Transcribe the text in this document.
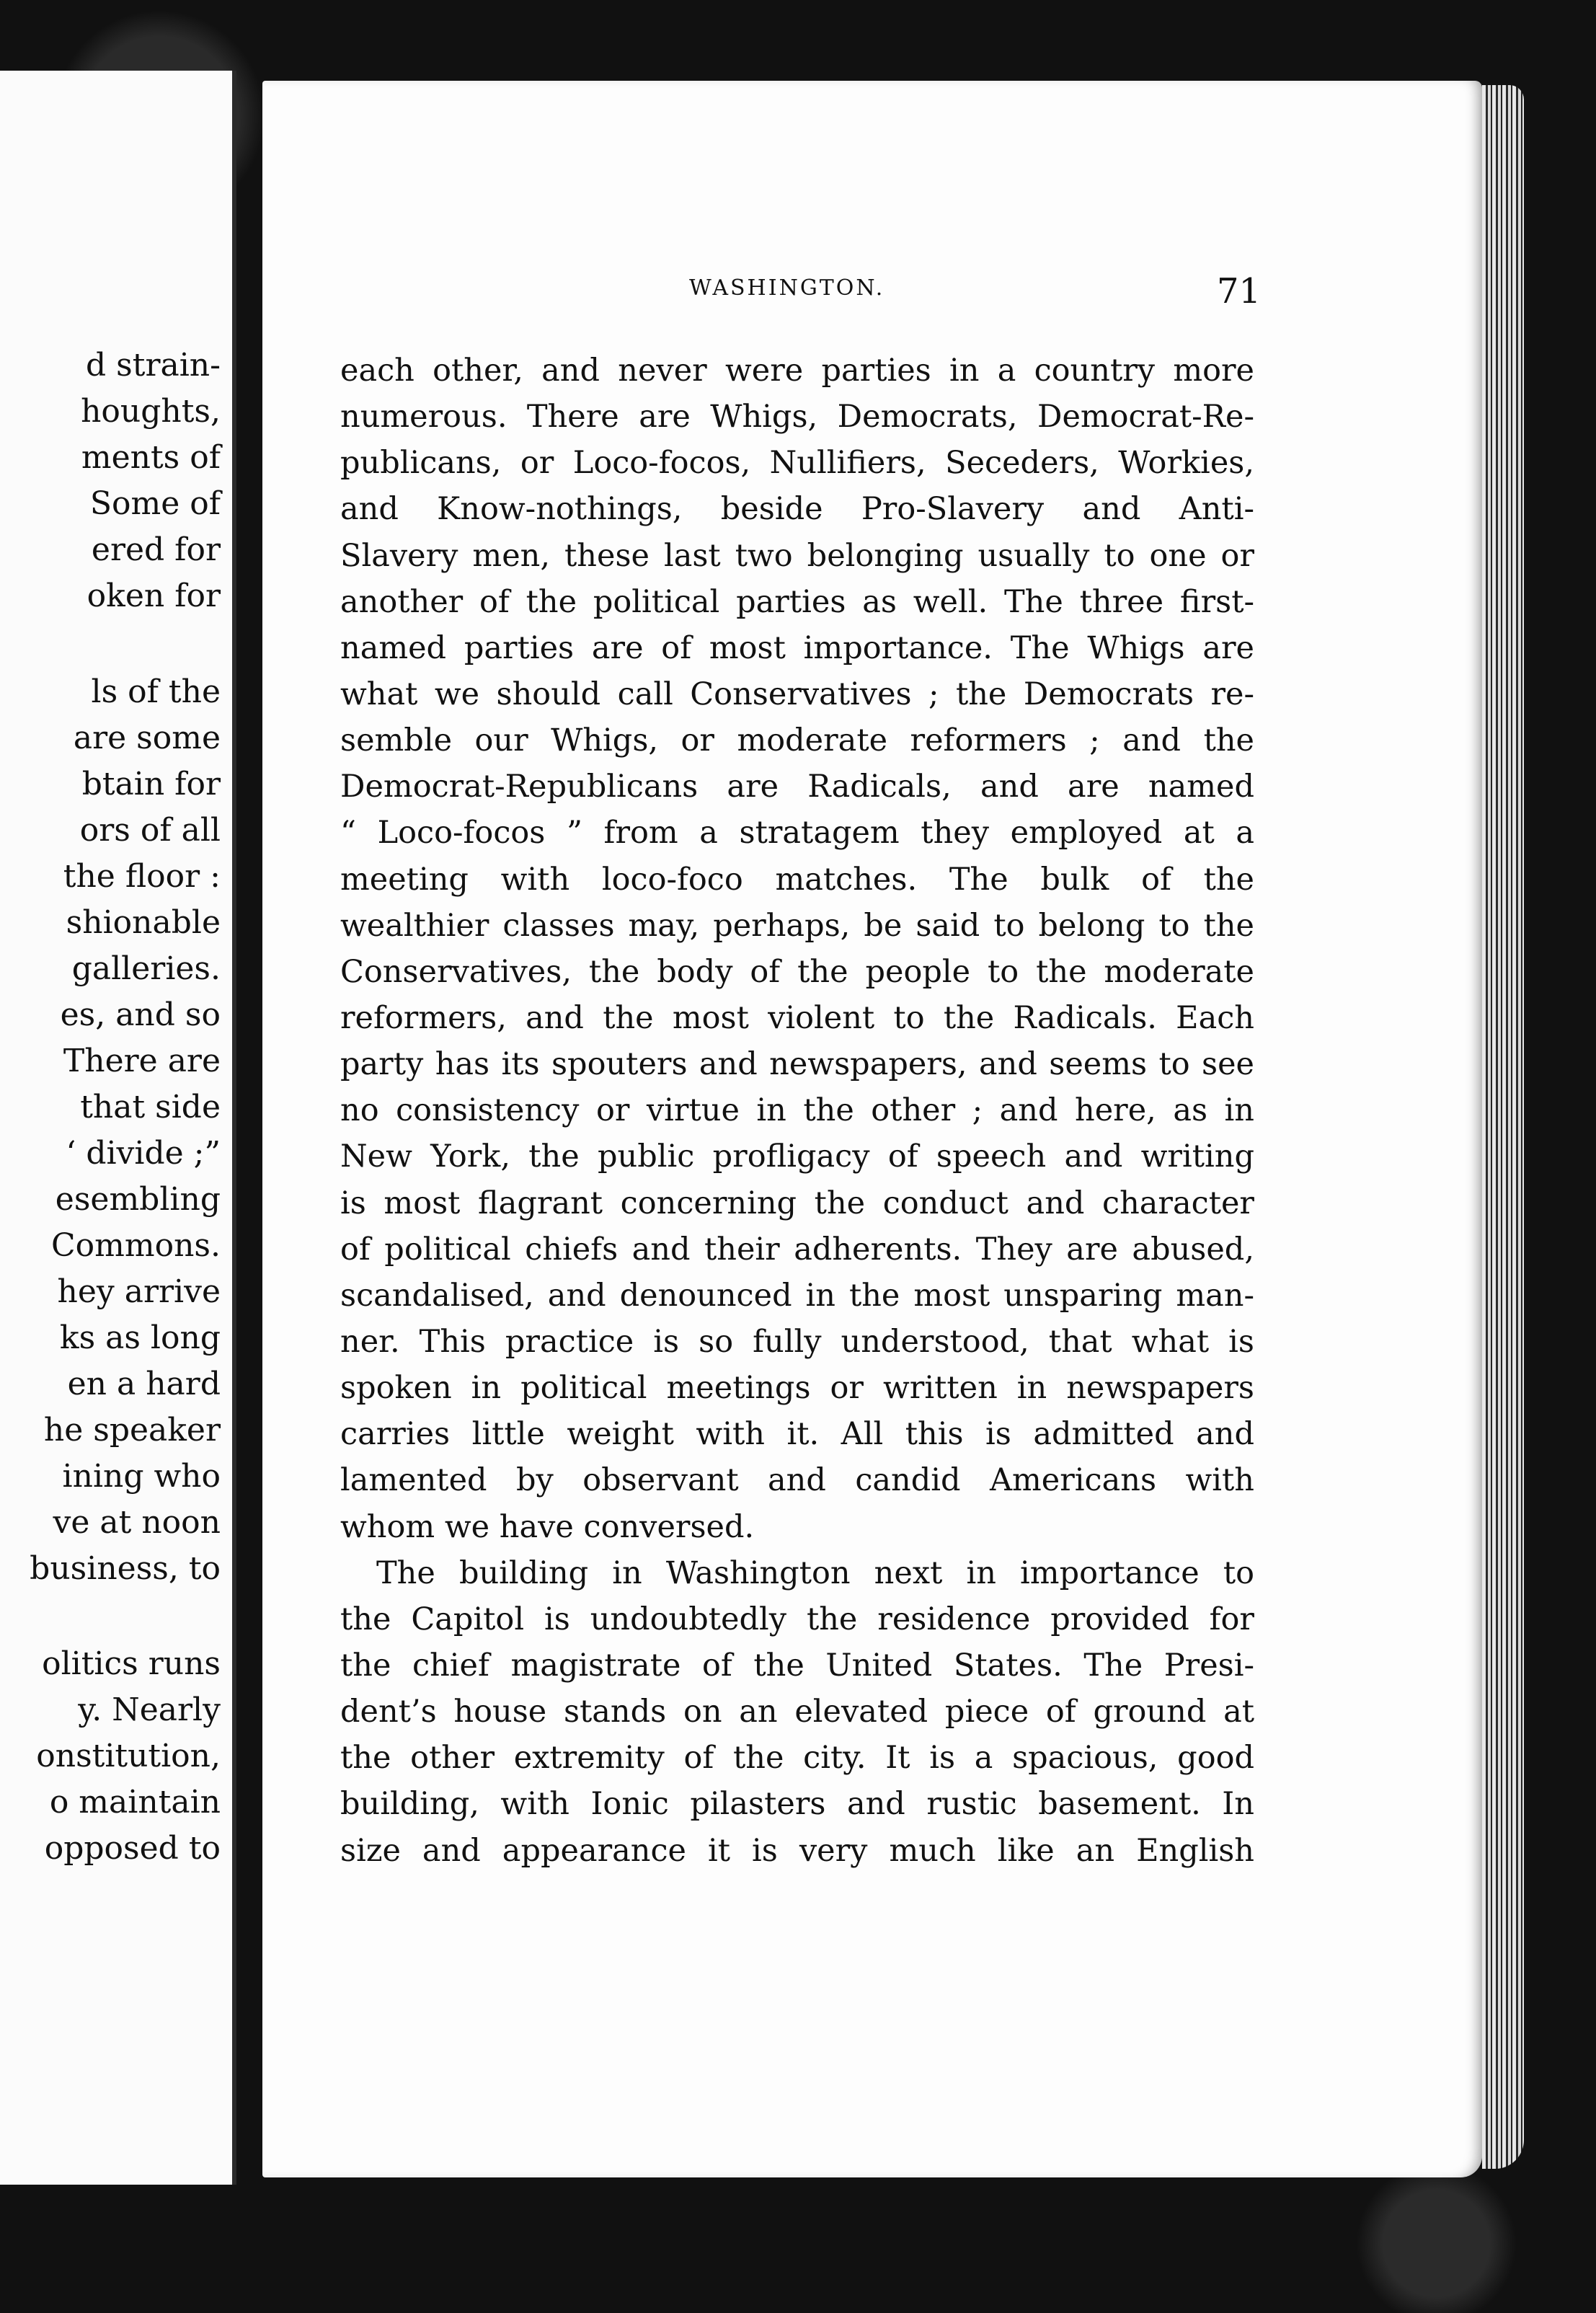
d strain-
houghts,
ments of
Some of
ered for
oken for
ls of the
are some
btain for
ors of all
the floor :
shionable
galleries.
es, and so
There are
that side
‘ divide ;”
esembling
Commons.
hey arrive
ks as long
en a hard
he speaker
ining who
ve at noon
business, to
olitics runs
y. Nearly
onstitution,
o maintain
opposed to
WASHINGTON.	71
each other, and never were parties in a country more
numerous. There are Whigs, Democrats, Democrat-Re-
publicans, or Loco-focos, Nullifiers, Seceders, Workies,
and Know-nothings, beside Pro-Slavery and Anti-
Slavery men, these last two belonging usually to one or
another of the political parties as well. The three first-
named parties are of most importance. The Whigs are
what we should call Conservatives ; the Democrats re-
semble our Whigs, or moderate reformers ; and the
Democrat-Republicans are Radicals, and are named
“ Loco-focos ” from a stratagem they employed at a
meeting with loco-foco matches. The bulk of the
wealthier classes may, perhaps, be said to belong to the
Conservatives, the body of the people to the moderate
reformers, and the most violent to the Radicals. Each
party has its spouters and newspapers, and seems to see
no consistency or virtue in the other ; and here, as in
New York, the public profligacy of speech and writing
is most flagrant concerning the conduct and character
of political chiefs and their adherents. They are abused,
scandalised, and denounced in the most unsparing man-
ner. This practice is so fully understood, that what is
spoken in political meetings or written in newspapers
carries little weight with it. All this is admitted and
lamented by observant and candid Americans with
whom we have conversed.
The building in Washington next in importance to
the Capitol is undoubtedly the residence provided for
the chief magistrate of the United States. The Presi-
dent’s house stands on an elevated piece of ground at
the other extremity of the city. It is a spacious, good
building, with Ionic pilasters and rustic basement. In
size and appearance it is very much like an English
